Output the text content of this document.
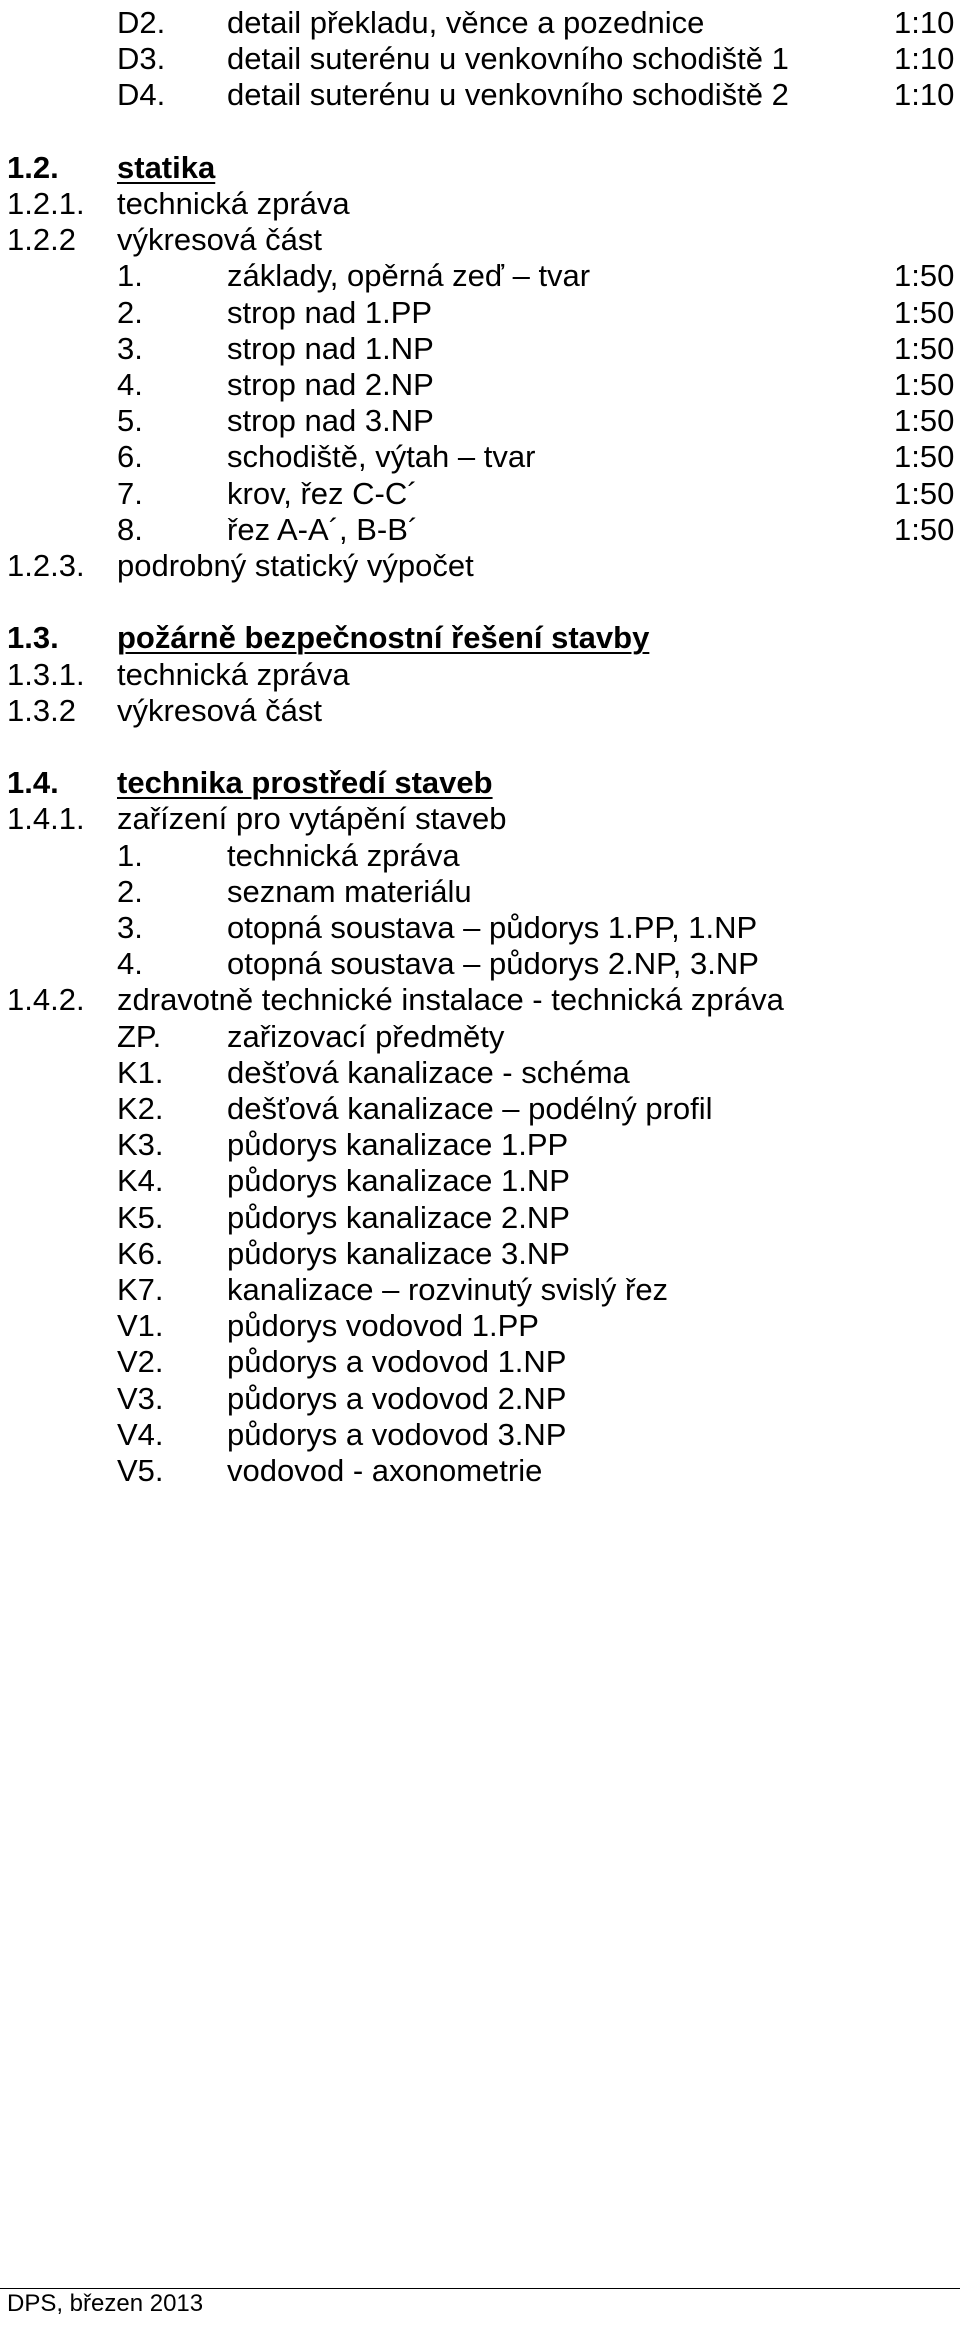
D2. detail překladu, věnce a pozednice	1:10
D3. detail suterénu u venkovního schodiště 1	1:10
D4. detail suterénu u venkovního schodiště 2	1:10
1.2. statika
1.2.1. technická zpráva
1.2.2 výkresová část
1.	základy, opěrná zeď – tvar	1:50
2.	strop nad 1.PP	1:50
3.	strop nad 1.NP	1:50
4.	strop nad 2.NP	1:50
5.	strop nad 3.NP	1:50
6.	schodiště, výtah – tvar	1:50
7.	krov, řez C-C´	1:50
8.	řez A-A´, B-B´	1:50
1.2.3. podrobný statický výpočet
1.3. požárně bezpečnostní řešení stavby
1.3.1. technická zpráva
1.3.2 výkresová část
1.4. technika prostředí staveb
1.4.1. zařízení pro vytápění staveb
1.	technická zpráva
2.	seznam materiálu
3.	otopná soustava – půdorys 1.PP, 1.NP
4.	otopná soustava – půdorys 2.NP, 3.NP
1.4.2. zdravotně technické instalace - technická zpráva
ZP. zařizovací předměty
K1. dešťová kanalizace - schéma
K2. dešťová kanalizace – podélný profil
K3. půdorys kanalizace 1.PP
K4. půdorys kanalizace 1.NP
K5. půdorys kanalizace 2.NP
K6. půdorys kanalizace 3.NP
K7. kanalizace – rozvinutý svislý řez
V1. půdorys vodovod 1.PP
V2. půdorys a vodovod 1.NP
V3. půdorys a vodovod 2.NP
V4. půdorys a vodovod 3.NP
V5. vodovod - axonometrie
DPS, březen 2013
